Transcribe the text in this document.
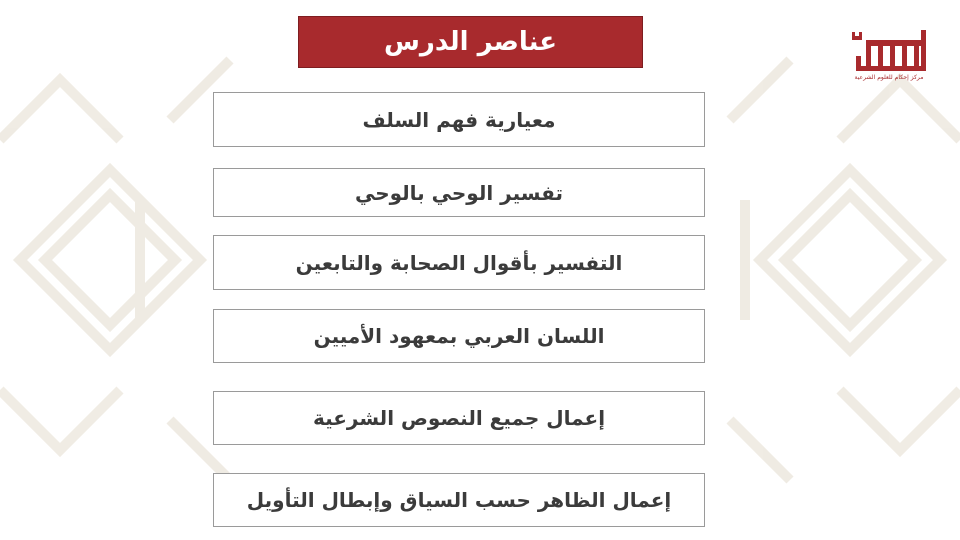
عناصر الدرس
معيارية فهم السلف
تفسير الوحي بالوحي
التفسير بأقوال الصحابة والتابعين
اللسان العربي بمعهود الأميين
إعمال جميع النصوص الشرعية
إعمال الظاهر حسب السياق وإبطال التأويل
مركز إحكام للعلوم الشرعية
